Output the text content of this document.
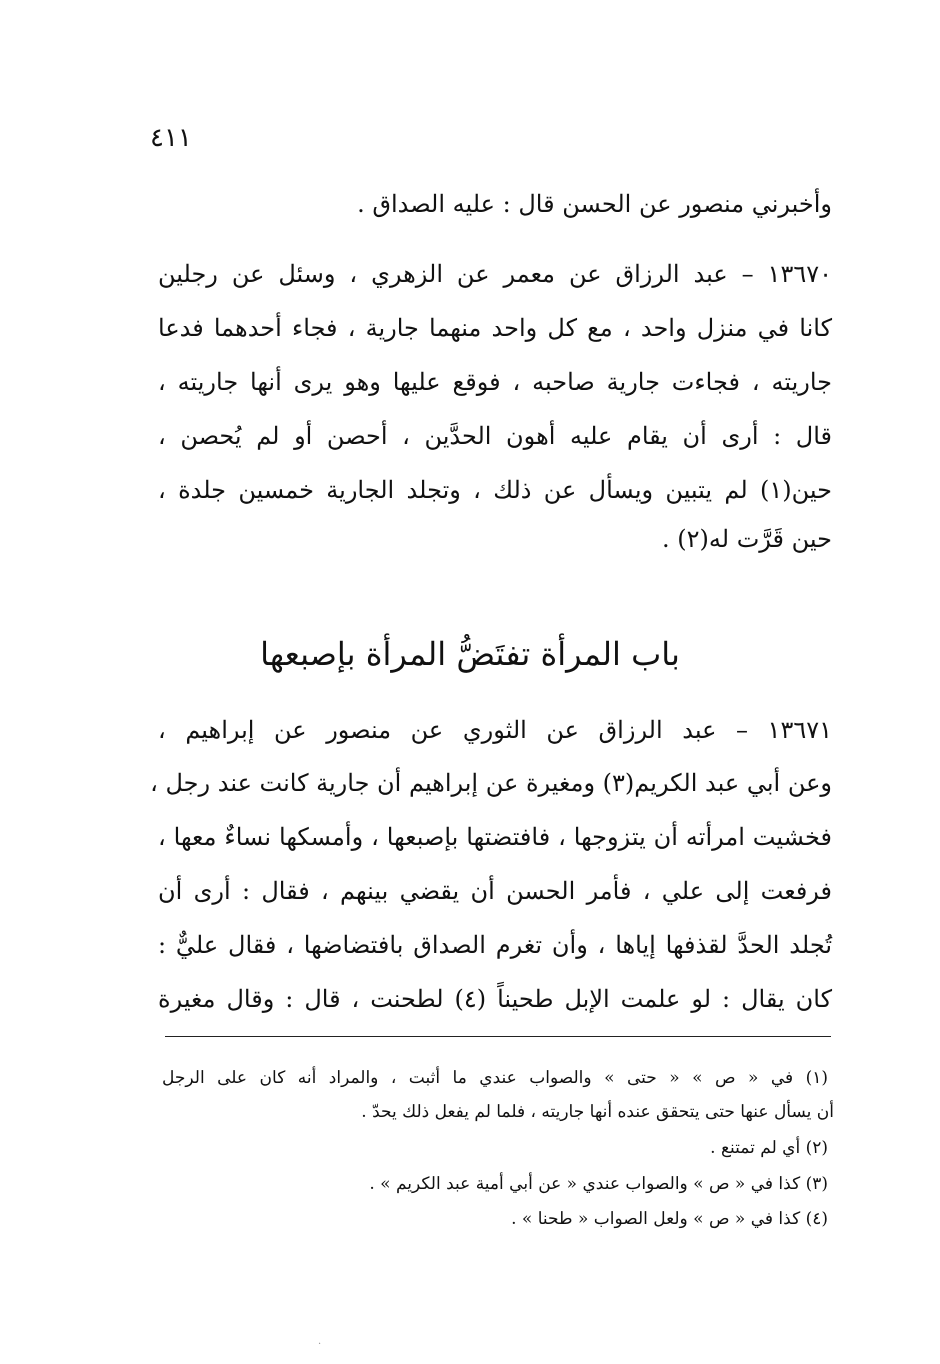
٤١١
وأخبرني منصور عن الحسن قال : عليه الصداق .
١٣٦٧٠ – عبد الرزاق عن معمر عن الزهري ، وسئل عن رجلين
كانا في منزل واحد ، مع كل واحد منهما جارية ، فجاء أحدهما فدعا
جاريته ، فجاءت جارية صاحبه ، فوقع عليها وهو يرى أنها جاريته ،
قال : أرى أن يقام عليه أهون الحدَّين ، أحصن أو لم يُحصن ،
حين(١) لم يتبين ويسأل عن ذلك ، وتجلد الجارية خمسين جلدة ،
حين قَرَّت له(٢) .
باب المرأة تفتَضُّ المرأة بإصبعها
١٣٦٧١ – عبد الرزاق عن الثوري عن منصور عن إبراهيم ،
وعن أبي عبد الكريم(٣) ومغيرة عن إبراهيم أن جارية كانت عند رجل ،
فخشيت امرأته أن يتزوجها ، فافتضتها بإصبعها ، وأمسكها نساءٌ معها ،
فرفعت إلى علي ، فأمر الحسن أن يقضي بينهم ، فقال : أرى أن
تُجلد الحدَّ لقذفها إياها ، وأن تغرم الصداق بافتضاضها ، فقال عليٌّ :
كان يقال : لو علمت الإبل طحيناً (٤) لطحنت ، قال : وقال مغيرة
(١) في « ص » « حتى » والصواب عندي ما أثبت ، والمراد أنه كان على الرجل
أن يسأل عنها حتى يتحقق عنده أنها جاريته ، فلما لم يفعل ذلك يحدّ .
(٢) أي لم تمتنع .
(٣) كذا في « ص » والصواب عندي « عن أبي أمية عبد الكريم » .
(٤) كذا في « ص » ولعل الصواب « طحنا » .
·
